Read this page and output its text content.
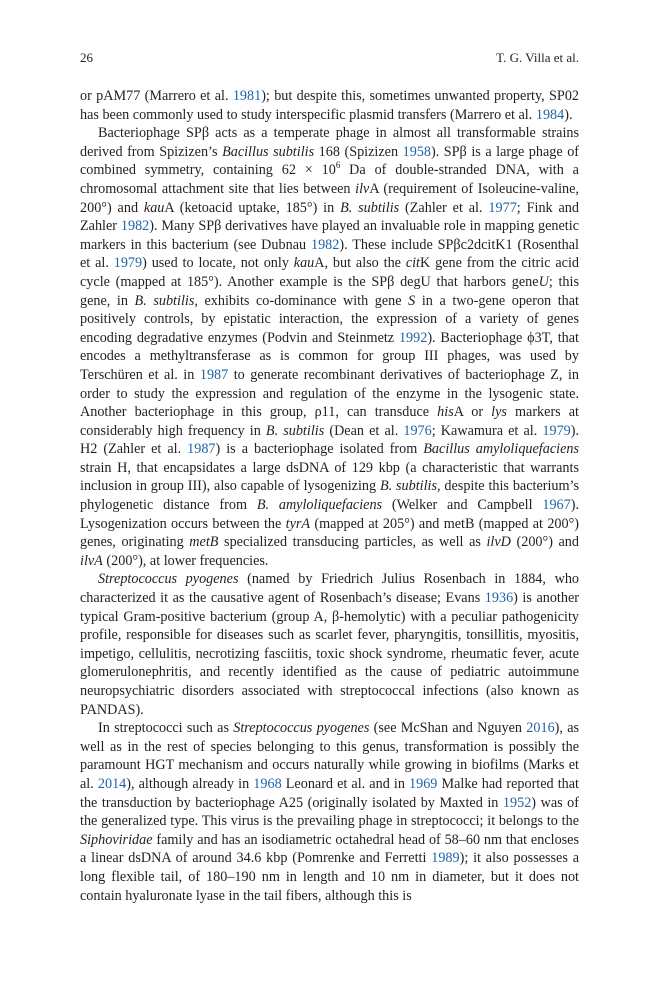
26	T. G. Villa et al.

or pAM77 (Marrero et al. 1981); but despite this, sometimes unwanted property, SP02 has been commonly used to study interspecific plasmid transfers (Marrero et al. 1984).

Bacteriophage SPβ acts as a temperate phage in almost all transformable strains derived from Spizizen’s Bacillus subtilis 168 (Spizizen 1958). SPβ is a large phage of combined symmetry, containing $62 \times 10^6$ Da of double-stranded DNA, with a chromosomal attachment site that lies between ilvA (requirement of Isoleucine-valine, 200°) and kauA (ketoacid uptake, 185°) in B. subtilis (Zahler et al. 1977; Fink and Zahler 1982). Many SPβ derivatives have played an invaluable role in mapping genetic markers in this bacterium (see Dubnau 1982). These include SPβc2dcitK1 (Rosenthal et al. 1979) used to locate, not only kauA, but also the citK gene from the citric acid cycle (mapped at 185°). Another example is the SPβ degU that harbors geneU; this gene, in B. subtilis, exhibits co-dominance with gene S in a two-gene operon that positively controls, by epistatic interaction, the expression of a variety of genes encoding degradative enzymes (Podvin and Steinmetz 1992). Bacteriophage ϕ3T, that encodes a methyltransferase as is common for group III phages, was used by Terschüren et al. in 1987 to generate recombinant derivatives of bacteriophage Z, in order to study the expression and regulation of the enzyme in the lysogenic state. Another bacteriophage in this group, ρ11, can transduce hisA or lys markers at considerably high frequency in B. subtilis (Dean et al. 1976; Kawamura et al. 1979). H2 (Zahler et al. 1987) is a bacteriophage isolated from Bacillus amyloliquefaciens strain H, that encapsidates a large dsDNA of 129 kbp (a characteristic that warrants inclusion in group III), also capable of lysogenizing B. subtilis, despite this bacterium’s phylogenetic distance from B. amyloliquefaciens (Welker and Campbell 1967). Lysogenization occurs between the tyrA (mapped at 205°) and metB (mapped at 200°) genes, originating metB specialized transducing particles, as well as ilvD (200°) and ilvA (200°), at lower frequencies.

Streptococcus pyogenes (named by Friedrich Julius Rosenbach in 1884, who characterized it as the causative agent of Rosenbach’s disease; Evans 1936) is another typical Gram-positive bacterium (group A, β-hemolytic) with a peculiar pathogenicity profile, responsible for diseases such as scarlet fever, pharyngitis, tonsillitis, myositis, impetigo, cellulitis, necrotizing fasciitis, toxic shock syndrome, rheumatic fever, acute glomerulonephritis, and recently identified as the cause of pediatric autoimmune neuropsychiatric disorders associated with streptococcal infections (also known as PANDAS).

In streptococci such as Streptococcus pyogenes (see McShan and Nguyen 2016), as well as in the rest of species belonging to this genus, transformation is possibly the paramount HGT mechanism and occurs naturally while growing in biofilms (Marks et al. 2014), although already in 1968 Leonard et al. and in 1969 Malke had reported that the transduction by bacteriophage A25 (originally isolated by Maxted in 1952) was of the generalized type. This virus is the prevailing phage in streptococci; it belongs to the Siphoviridae family and has an isodiametric octahedral head of 58–60 nm that encloses a linear dsDNA of around 34.6 kbp (Pomrenke and Ferretti 1989); it also possesses a long flexible tail, of 180–190 nm in length and 10 nm in diameter, but it does not contain hyaluronate lyase in the tail fibers, although this is
